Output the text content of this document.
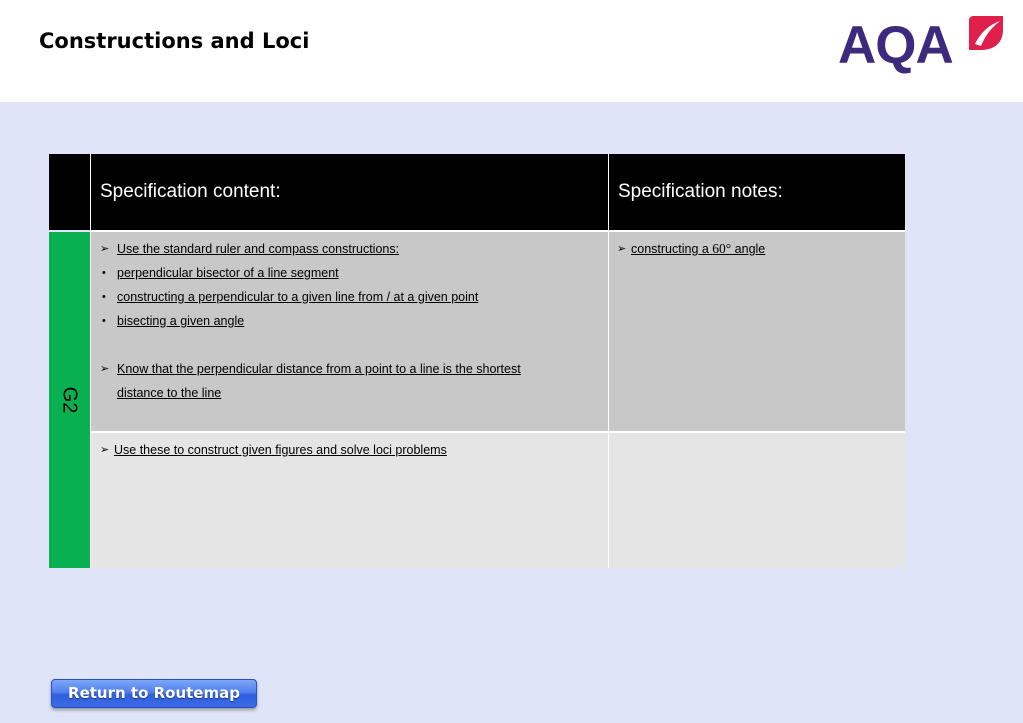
Constructions and Loci	AQA
Specification content:	Specification notes:
G2
➢ Use the standard ruler and compass constructions:
• perpendicular bisector of a line segment
• constructing a perpendicular to a given line from / at a given point
• bisecting a given angle
➢ Know that the perpendicular distance from a point to a line is the shortest
distance to the line
➢ constructing a 60° angle
➢ Use these to construct given figures and solve loci problems
Return to Routemap
